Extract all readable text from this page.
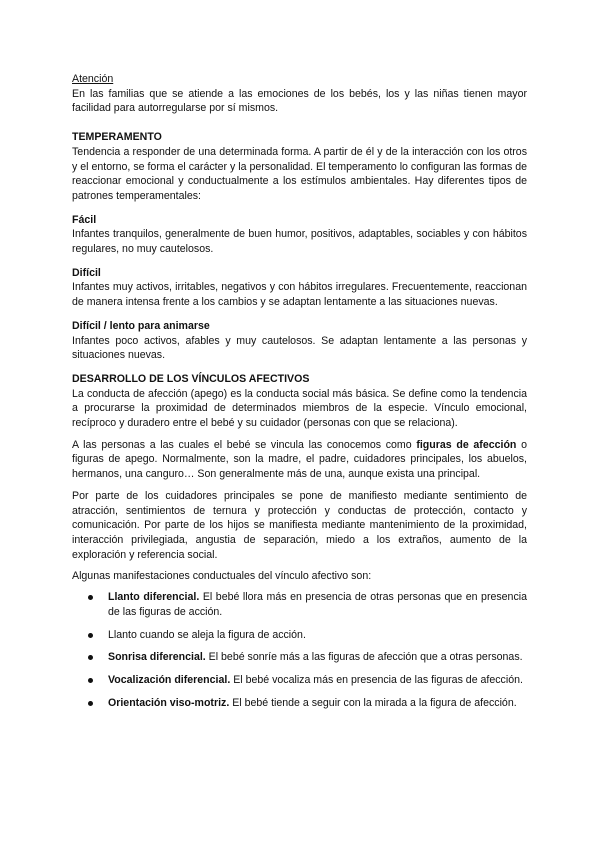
Atención

En las familias que se atiende a las emociones de los bebés, los y las niñas tienen mayor facilidad para autorregularse por sí mismos.

TEMPERAMENTO

Tendencia a responder de una determinada forma. A partir de él y de la interacción con los otros y el entorno, se forma el carácter y la personalidad. El temperamento lo configuran las formas de reaccionar emocional y conductualmente a los estímulos ambientales. Hay diferentes tipos de patrones temperamentales:

Fácil

Infantes tranquilos, generalmente de buen humor, positivos, adaptables, sociables y con hábitos regulares, no muy cautelosos.

Difícil

Infantes muy activos, irritables, negativos y con hábitos irregulares. Frecuentemente, reaccionan de manera intensa frente a los cambios y se adaptan lentamente a las situaciones nuevas.

Difícil / lento para animarse

Infantes poco activos, afables y muy cautelosos. Se adaptan lentamente a las personas y situaciones nuevas.

DESARROLLO DE LOS VÍNCULOS AFECTIVOS

La conducta de afección (apego) es la conducta social más básica. Se define como la tendencia a procurarse la proximidad de determinados miembros de la especie. Vínculo emocional, recíproco y duradero entre el bebé y su cuidador (personas con que se relaciona).

A las personas a las cuales el bebé se vincula las conocemos como figuras de afección o figuras de apego. Normalmente, son la madre, el padre, cuidadores principales, los abuelos, hermanos, una canguro… Son generalmente más de una, aunque exista una principal.

Por parte de los cuidadores principales se pone de manifiesto mediante sentimiento de atracción, sentimientos de ternura y protección y conductas de protección, contacto y comunicación. Por parte de los hijos se manifiesta mediante mantenimiento de la proximidad, interacción privilegiada, angustia de separación, miedo a los extraños, aumento de la exploración y referencia social.

Algunas manifestaciones conductuales del vínculo afectivo son:

Llanto diferencial. El bebé llora más en presencia de otras personas que en presencia de las figuras de acción.
Llanto cuando se aleja la figura de acción.
Sonrisa diferencial. El bebé sonríe más a las figuras de afección que a otras personas.
Vocalización diferencial. El bebé vocaliza más en presencia de las figuras de afección.
Orientación viso-motriz. El bebé tiende a seguir con la mirada a la figura de afección.
